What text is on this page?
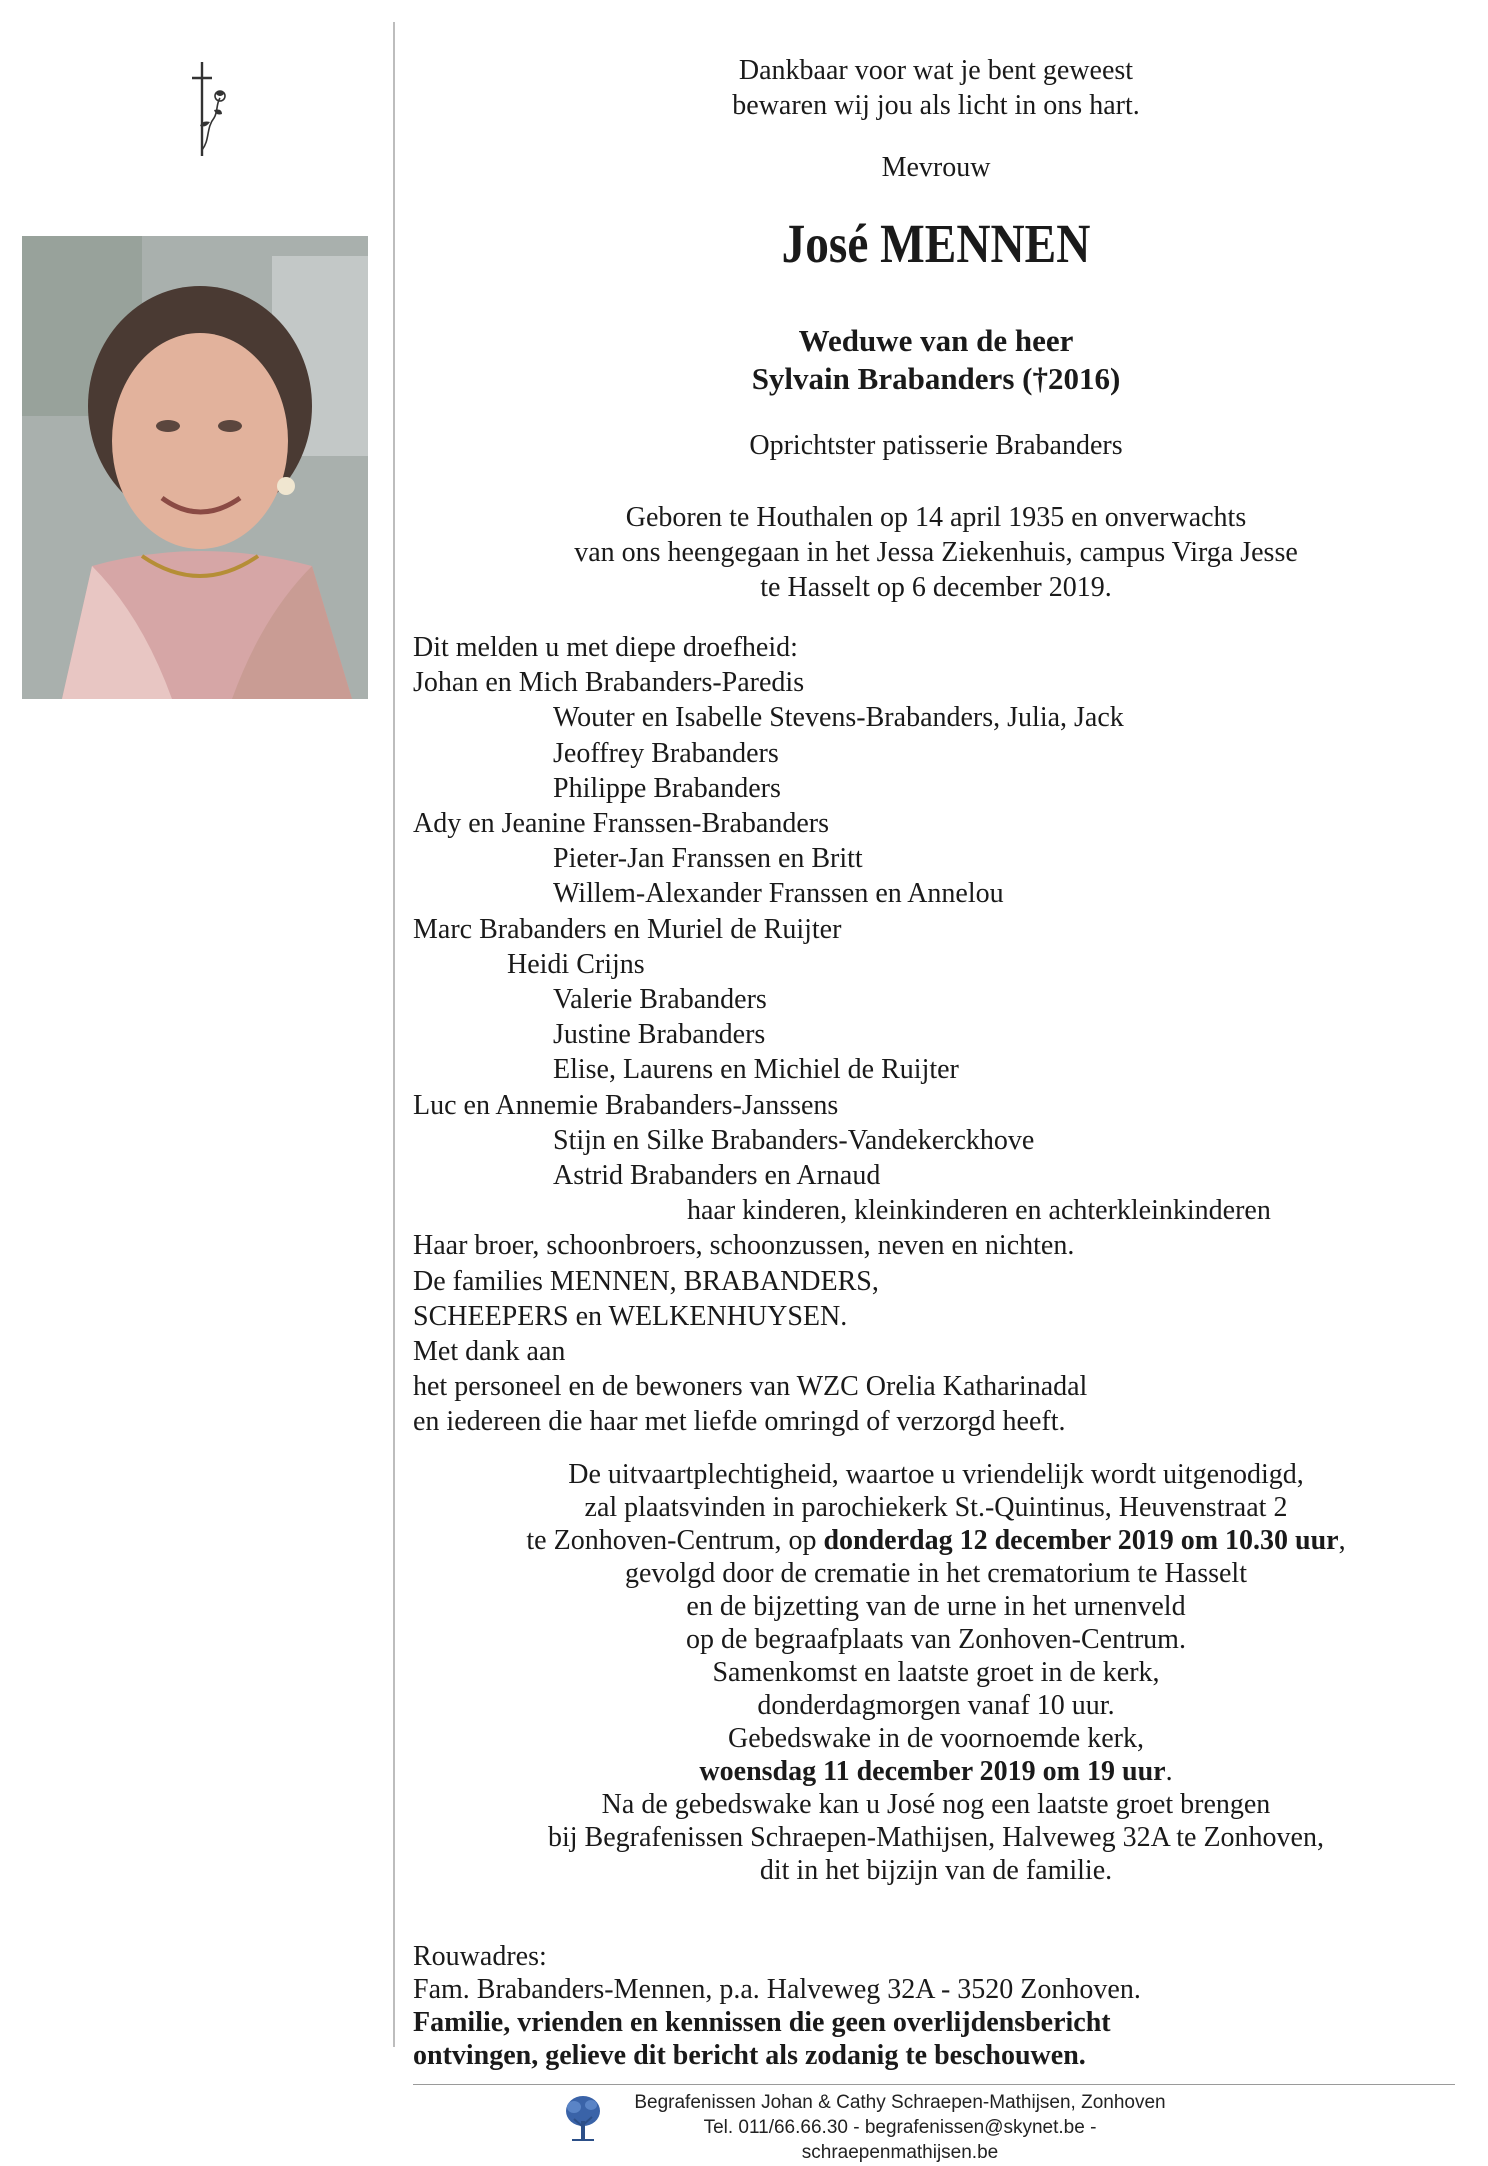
Dankbaar voor wat je bent geweest

bewaren wij jou als licht in ons hart.

Mevrouw

José MENNEN
Weduwe van de heer
Sylvain Brabanders (†2016)

Oprichtster patisserie Brabanders

Geboren te Houthalen op 14 april 1935 en onverwachts

van ons heengegaan in het Jessa Ziekenhuis, campus Virga Jesse

te Hasselt op 6 december 2019.

Dit melden u met diepe droefheid:
Johan en Mich Brabanders-Paredis
Wouter en Isabelle Stevens-Brabanders, Julia, Jack
Jeoffrey Brabanders
Philippe Brabanders
Ady en Jeanine Franssen-Brabanders
Pieter-Jan Franssen en Britt
Willem-Alexander Franssen en Annelou
Marc Brabanders en Muriel de Ruijter
Heidi Crijns
Valerie Brabanders
Justine Brabanders
Elise, Laurens en Michiel de Ruijter
Luc en Annemie Brabanders-Janssens
Stijn en Silke Brabanders-Vandekerckhove
Astrid Brabanders en Arnaud
haar kinderen, kleinkinderen en achterkleinkinderen
Haar broer, schoonbroers, schoonzussen, neven en nichten.
De families MENNEN, BRABANDERS,
SCHEEPERS en WELKENHUYSEN.
Met dank aan
het personeel en de bewoners van WZC Orelia Katharinadal
en iedereen die haar met liefde omringd of verzorgd heeft.
De uitvaartplechtigheid, waartoe u vriendelijk wordt uitgenodigd,
zal plaatsvinden in parochiekerk St.-Quintinus, Heuvenstraat 2
te Zonhoven-Centrum, op donderdag 12 december 2019 om 10.30 uur,
gevolgd door de crematie in het crematorium te Hasselt
en de bijzetting van de urne in het urnenveld
op de begraafplaats van Zonhoven-Centrum.
Samenkomst en laatste groet in de kerk,
donderdagmorgen vanaf 10 uur.
Gebedswake in de voornoemde kerk,
woensdag 11 december 2019 om 19 uur.
Na de gebedswake kan u José nog een laatste groet brengen
bij Begrafenissen Schraepen-Mathijsen, Halveweg 32A te Zonhoven,
dit in het bijzijn van de familie.
Rouwadres:
Fam. Brabanders-Mennen, p.a. Halveweg 32A - 3520 Zonhoven.
Familie, vrienden en kennissen die geen overlijdensbericht
ontvingen, gelieve dit bericht als zodanig te beschouwen.
Begrafenissen Johan & Cathy Schraepen-Mathijsen, Zonhoven
Tel. 011/66.66.30 - begrafenissen@skynet.be - schraepenmathijsen.be
